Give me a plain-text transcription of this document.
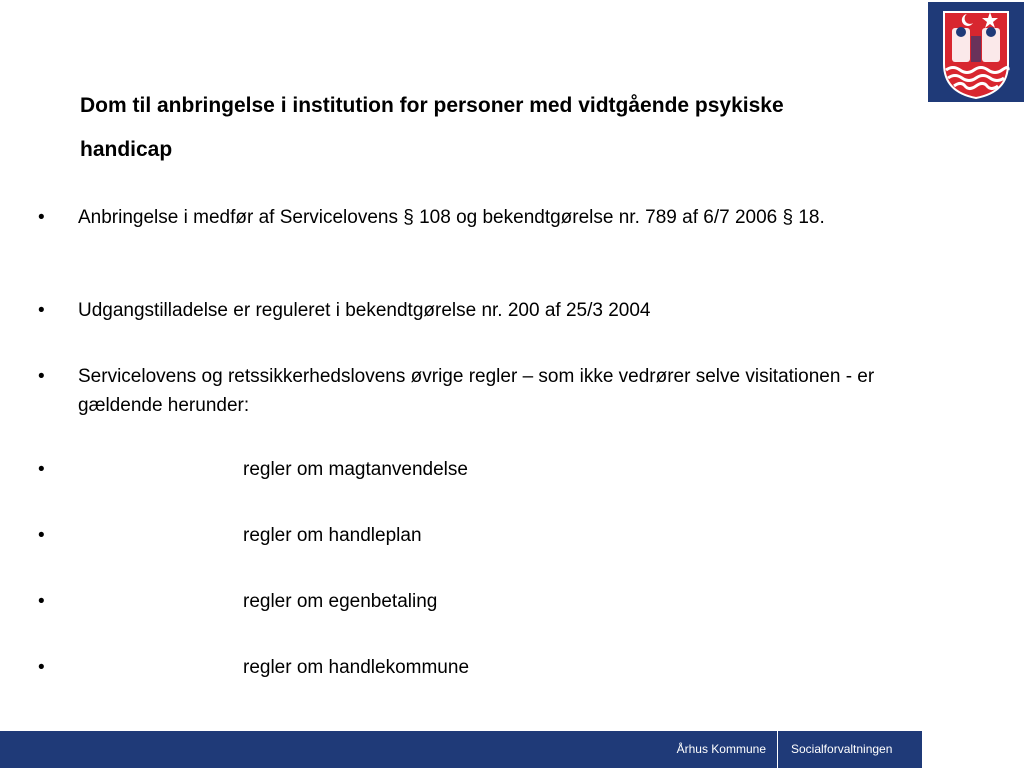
Dom til anbringelse i institution for personer med vidtgående psykiske handicap
• Anbringelse i medfør af Servicelovens § 108 og bekendtgørelse nr. 789 af 6/7 2006 § 18.
• Udgangstilladelse er reguleret i bekendtgørelse nr. 200 af 25/3 2004
• Servicelovens og retssikkerhedslovens øvrige regler – som ikke vedrører selve visitationen - er gældende herunder:
•	regler om magtanvendelse
•	regler om handleplan
•	regler om egenbetaling
•	regler om handlekommune
Århus Kommune	Socialforvaltningen
